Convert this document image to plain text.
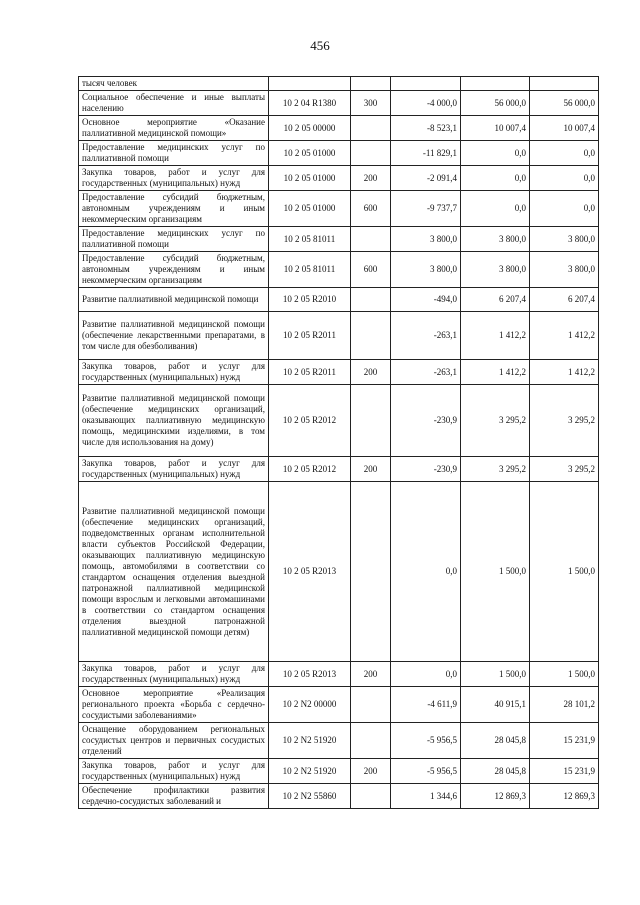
456
тысяч человек					
Социальное обеспечение и иные выплаты населению	10 2 04 R1380	300	-4 000,0	56 000,0	56 000,0
Основное мероприятие «Оказание паллиативной медицинской помощи»	10 2 05 00000		-8 523,1	10 007,4	10 007,4
Предоставление медицинских услуг по паллиативной помощи	10 2 05 01000		-11 829,1	0,0	0,0
Закупка товаров, работ и услуг для государственных (муниципальных) нужд	10 2 05 01000	200	-2 091,4	0,0	0,0
Предоставление субсидий бюджетным, автономным учреждениям и иным некоммерческим организациям	10 2 05 01000	600	-9 737,7	0,0	0,0
Предоставление медицинских услуг по паллиативной помощи	10 2 05 81011		3 800,0	3 800,0	3 800,0
Предоставление субсидий бюджетным, автономным учреждениям и иным некоммерческим организациям	10 2 05 81011	600	3 800,0	3 800,0	3 800,0
Развитие паллиативной медицинской помощи	10 2 05 R2010		-494,0	6 207,4	6 207,4
Развитие паллиативной медицинской помощи (обеспечение лекарственными препаратами, в том числе для обезболивания)	10 2 05 R2011		-263,1	1 412,2	1 412,2
Закупка товаров, работ и услуг для государственных (муниципальных) нужд	10 2 05 R2011	200	-263,1	1 412,2	1 412,2
Развитие паллиативной медицинской помощи (обеспечение медицинских организаций, оказывающих паллиативную медицинскую помощь, медицинскими изделиями, в том числе для использования на дому)	10 2 05 R2012		-230,9	3 295,2	3 295,2
Закупка товаров, работ и услуг для государственных (муниципальных) нужд	10 2 05 R2012	200	-230,9	3 295,2	3 295,2
Развитие паллиативной медицинской помощи (обеспечение медицинских организаций, подведомственных органам исполнительной власти субъектов Российской Федерации, оказывающих паллиативную медицинскую помощь, автомобилями в соответствии со стандартом оснащения отделения выездной патронажной паллиативной медицинской помощи взрослым и легковыми автомашинами в соответствии со стандартом оснащения отделения выездной патронажной паллиативной медицинской помощи детям)	10 2 05 R2013		0,0	1 500,0	1 500,0
Закупка товаров, работ и услуг для государственных (муниципальных) нужд	10 2 05 R2013	200	0,0	1 500,0	1 500,0
Основное мероприятие «Реализация регионального проекта «Борьба с сердечно-сосудистыми заболеваниями»	10 2 N2 00000		-4 611,9	40 915,1	28 101,2
Оснащение оборудованием региональных сосудистых центров и первичных сосудистых отделений	10 2 N2 51920		-5 956,5	28 045,8	15 231,9
Закупка товаров, работ и услуг для государственных (муниципальных) нужд	10 2 N2 51920	200	-5 956,5	28 045,8	15 231,9
Обеспечение профилактики развития сердечно-сосудистых заболеваний и	10 2 N2 55860		1 344,6	12 869,3	12 869,3
